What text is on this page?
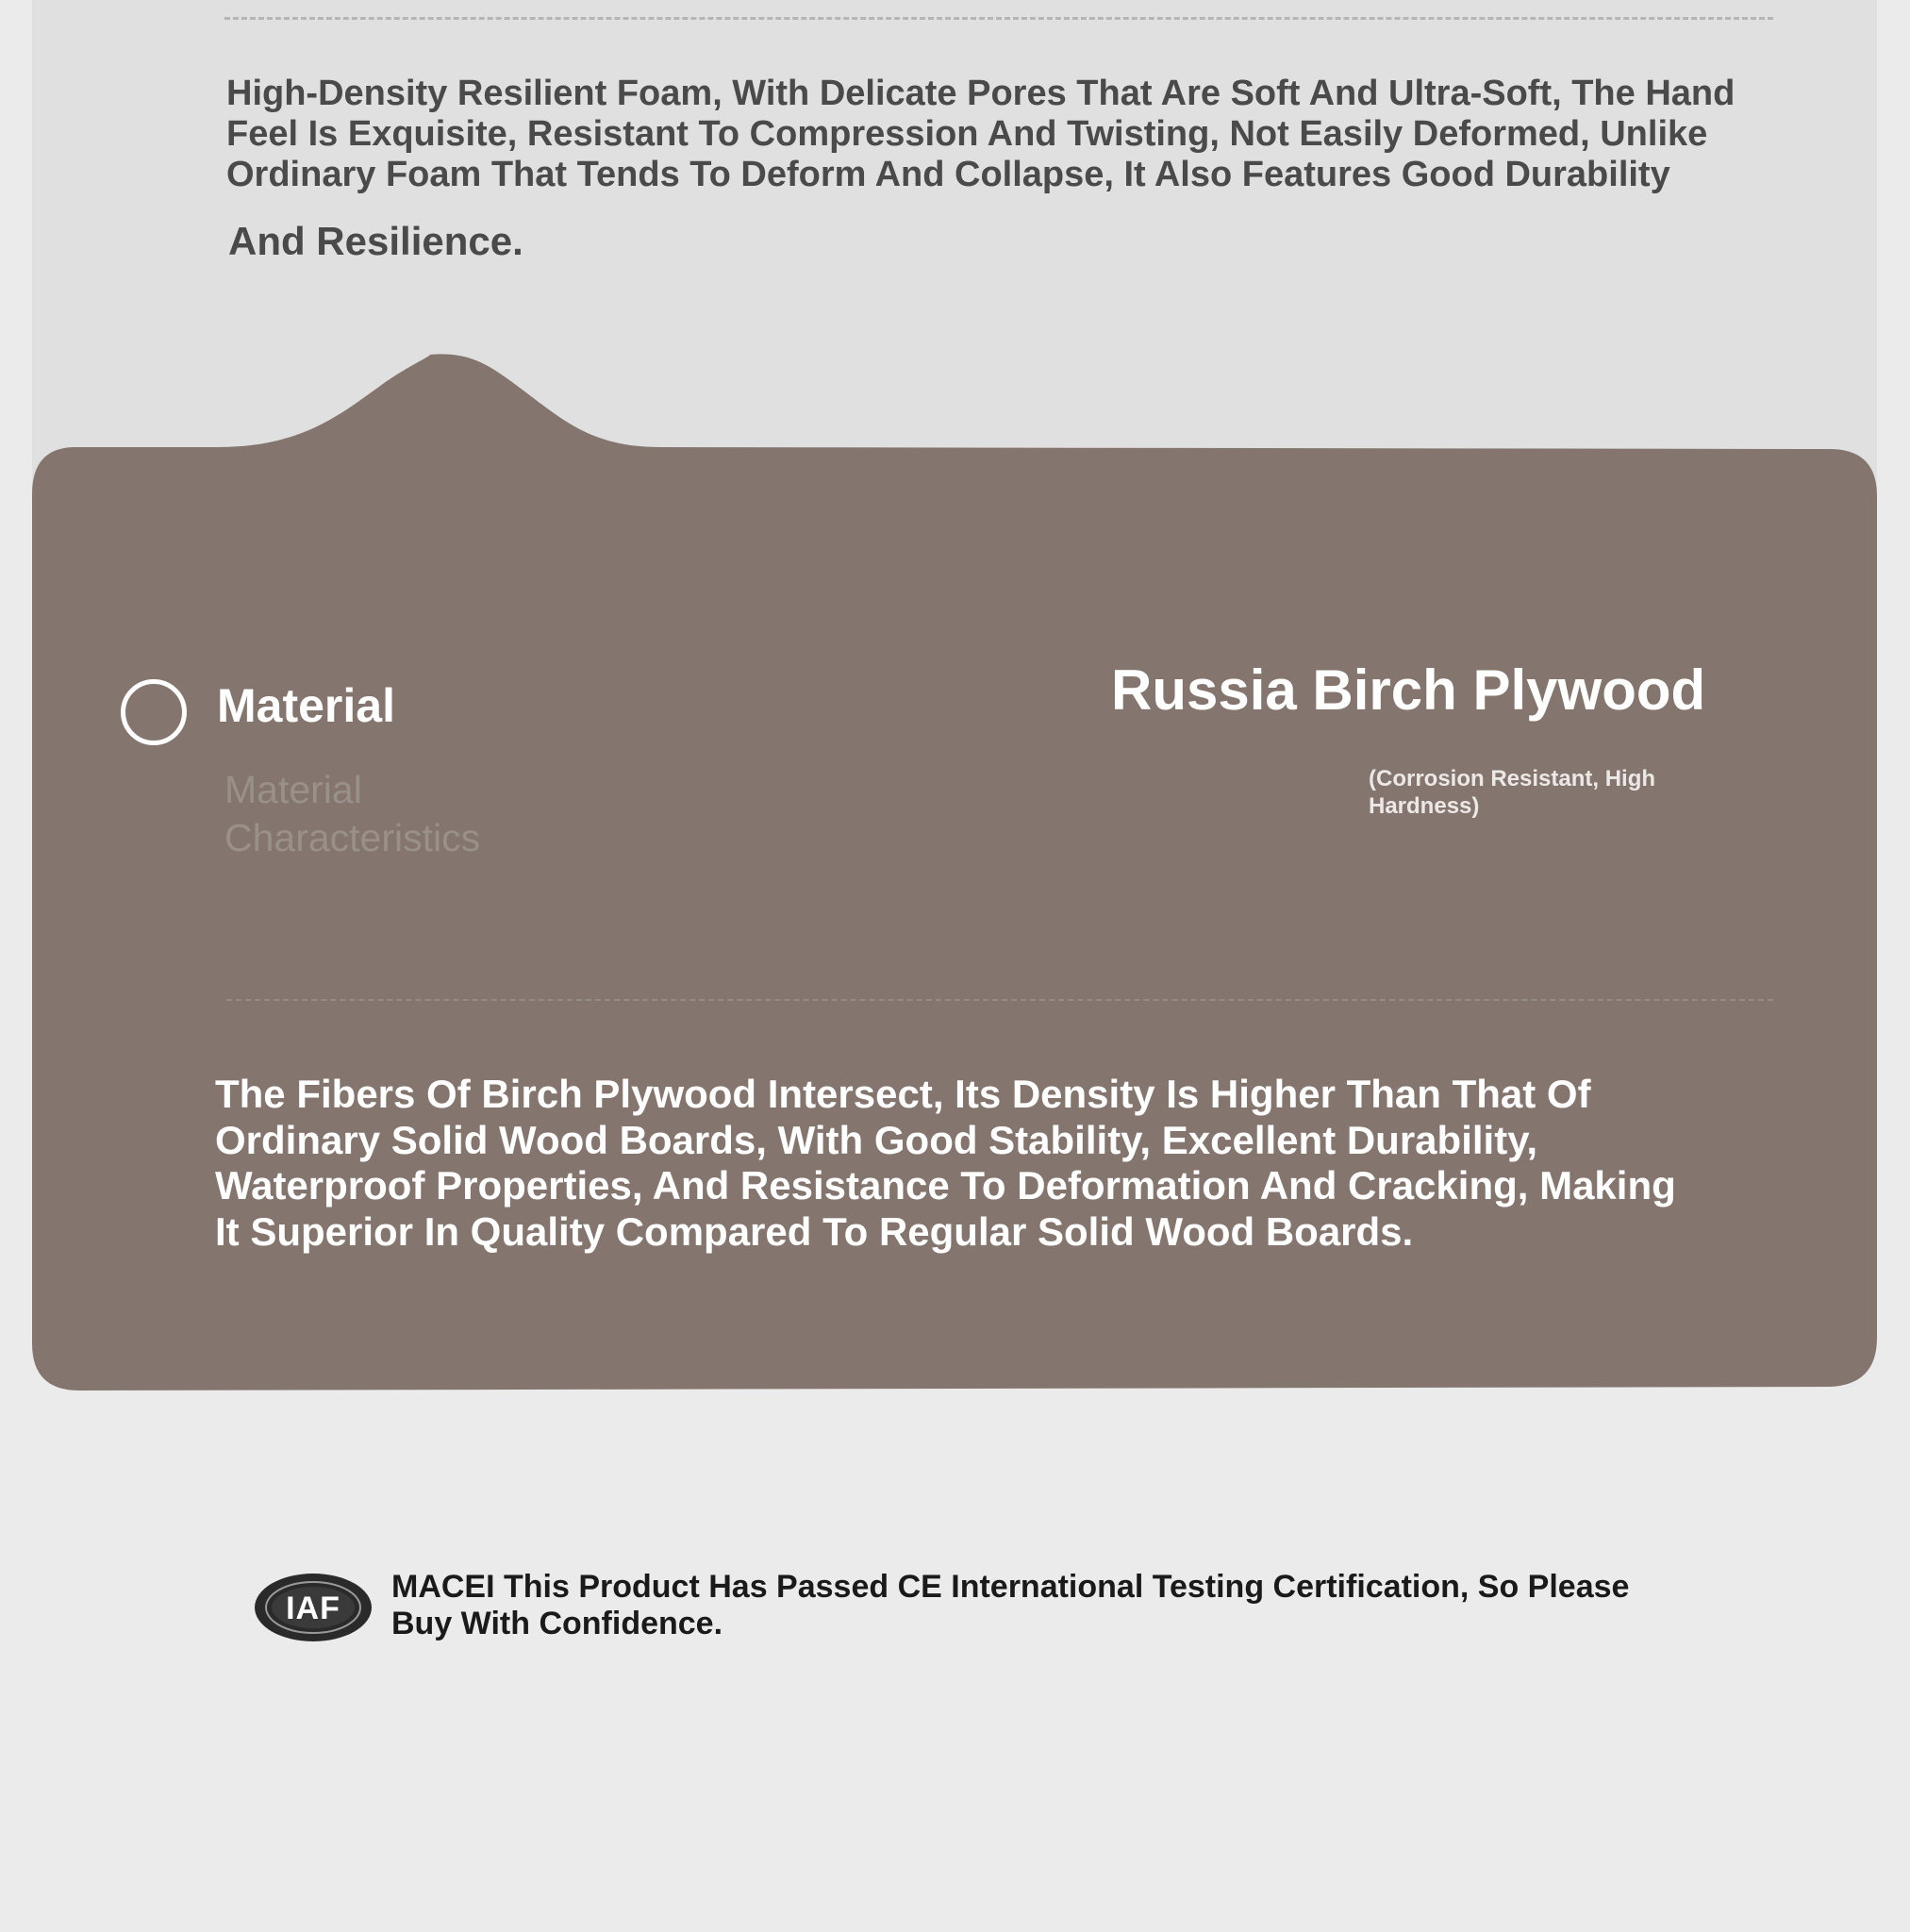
High-Density Resilient Foam, With Delicate Pores That Are Soft And Ultra-Soft, The Hand Feel Is Exquisite, Resistant To Compression And Twisting, Not Easily Deformed, Unlike Ordinary Foam That Tends To Deform And Collapse, It Also Features Good Durability

And Resilience.

Material

Material Characteristics

Russia Birch Plywood

(Corrosion Resistant, High Hardness)

The Fibers Of Birch Plywood Intersect, Its Density Is Higher Than That Of Ordinary Solid Wood Boards, With Good Stability, Excellent Durability, Waterproof Properties, And Resistance To Deformation And Cracking, Making It Superior In Quality Compared To Regular Solid Wood Boards.

IAF

MACEI This Product Has Passed CE International Testing Certification, So Please Buy With Confidence.
